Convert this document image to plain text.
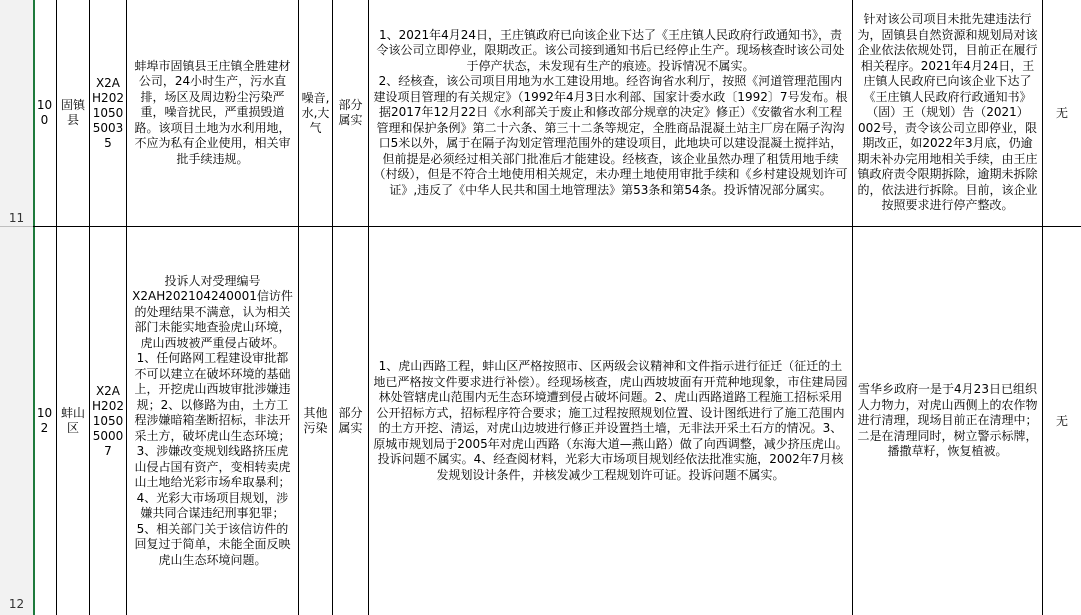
10
0
固镇
县
X2A
H202
1050
5003
5
蚌埠市固镇县王庄镇全胜建材公司，24小时生产，污水直排，场区及周边粉尘污染严重，噪音扰民，严重损毁道路。该项目土地为水利用地，不应为私有企业使用，相关审批手续违规。
噪音,
水,大
气
部分
属实
1、2021年4月24日，王庄镇政府已向该企业下达了《王庄镇人民政府行政通知书》，责令该公司立即停业，限期改正。该公司接到通知书后已经停止生产。现场核查时该公司处于停产状态，未发现有生产的痕迹。投诉情况不属实。
2、经核查，该公司项目用地为水工建设用地。经咨询省水利厅，按照《河道管理范围内建设项目管理的有关规定》（1992年4月3日水利部、国家计委水政〔1992〕7号发布。根据2017年12月22日《水利部关于废止和修改部分规章的决定》修正）《安徽省水利工程管理和保护条例》第二十六条、第三十二条等规定，全胜商品混凝土站主厂房在隔子沟沟口5米以外，属于在隔子沟划定管理范围外的建设项目，此地块可以建设混凝土搅拌站，但前提是必须经过相关部门批准后才能建设。经核查，该企业虽然办理了租赁用地手续（村级），但是不符合土地使用相关规定，未办理土地使用审批手续和《乡村建设规划许可证》,违反了《中华人民共和国土地管理法》第53条和第54条。投诉情况部分属实。
针对该公司项目未批先建违法行为，固镇县自然资源和规划局对该企业依法依规处罚，目前正在履行相关程序。2021年4月24日，王庄镇人民政府已向该企业下达了《王庄镇人民政府行政通知书》（固）王（规划）告（2021）002号，责令该公司立即停业，限期改正，如2022年3月底，仍逾期未补办完用地相关手续，由王庄镇政府责令限期拆除，逾期未拆除的，依法进行拆除。目前，该企业按照要求进行停产整改。
无
10
2
蚌山
区
X2A
H202
1050
5000
7
投诉人对受理编号X2AH202104240001信访件的处理结果不满意，认为相关部门未能实地查验虎山环境，虎山西坡被严重侵占破坏。1、任何路网工程建设审批都不可以建立在破坏环境的基础上，开挖虎山西坡审批涉嫌违规；2、以修路为由，土方工程涉嫌暗箱垄断招标，非法开采土方，破坏虎山生态环境；3、涉嫌改变规划线路挤压虎山侵占国有资产，变相转卖虎山土地给光彩市场牟取暴利；4、光彩大市场项目规划，涉嫌共同合谋违纪刑事犯罪；5、相关部门关于该信访件的回复过于简单，未能全面反映虎山生态环境问题。
其他
污染
部分
属实
1、虎山西路工程，蚌山区严格按照市、区两级会议精神和文件指示进行征迁（征迁的土地已严格按文件要求进行补偿）。经现场核查，虎山西坡坡面有开荒种地现象，市住建局园林处管辖虎山范围内无生态环境遭到侵占破坏问题。2、虎山西路道路工程施工招标采用公开招标方式，招标程序符合要求；施工过程按照规划位置、设计图纸进行了施工范围内的土方开挖、清运，对虎山边坡进行修正并设置挡土墙，无非法开采土石方的情况。3、原城市规划局于2005年对虎山西路（东海大道—燕山路）做了向西调整，减少挤压虎山。投诉问题不属实。4、经查阅材料，光彩大市场项目规划经依法批准实施，2002年7月核发规划设计条件，并核发减少工程规划许可证。投诉问题不属实。
雪华乡政府一是于4月23日已组织人力物力，对虎山西侧上的农作物进行清理，现场目前正在清理中；二是在清理同时，树立警示标牌，播撒草籽，恢复植被。
无
11
12
